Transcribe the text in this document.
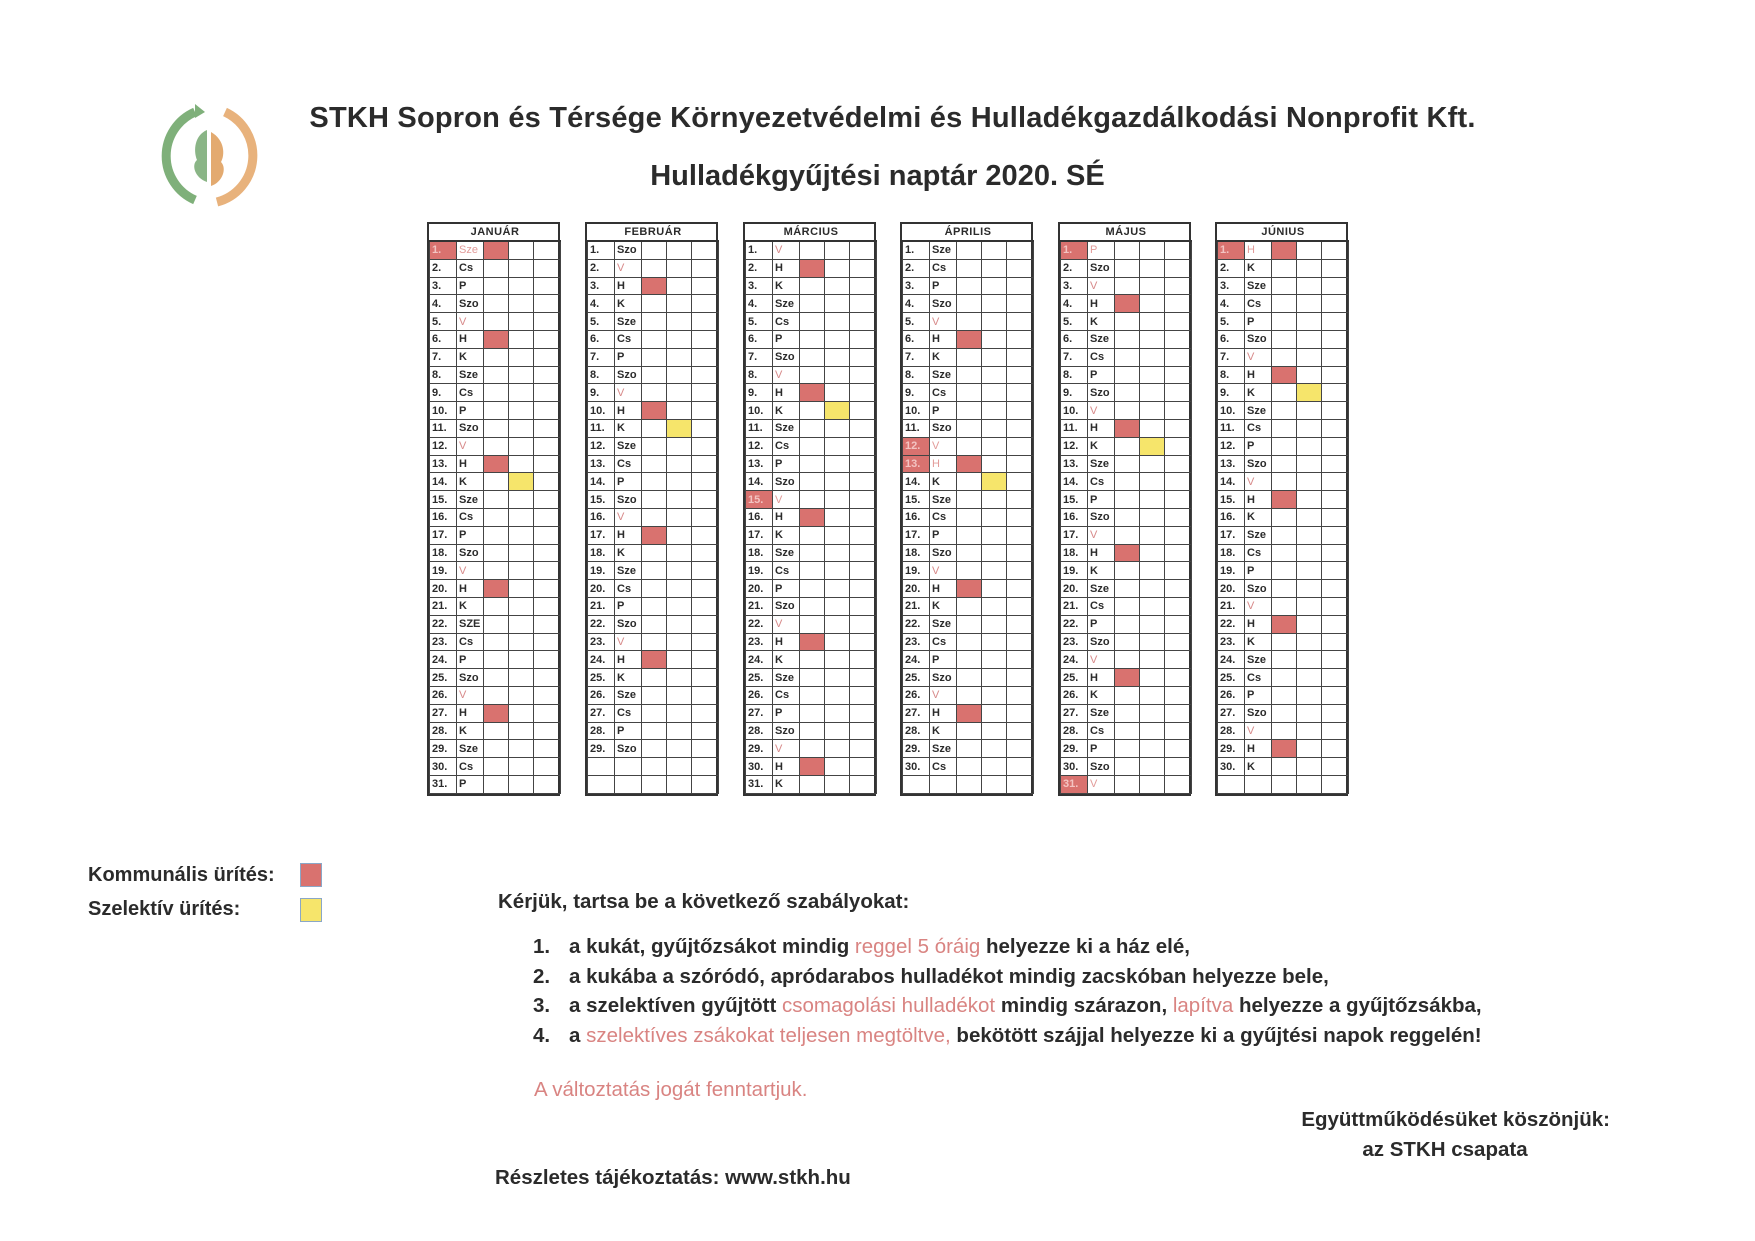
STKH Sopron és Térsége Környezetvédelmi és Hulladékgazdálkodási Nonprofit Kft.
Hulladékgyűjtési naptár 2020. SÉ
JANUÁR				
1.	Sze			
2.	Cs			
3.	P			
4.	Szo			
5.	V			
6.	H			
7.	K			
8.	Sze			
9.	Cs			
10.	P			
11.	Szo			
12.	V			
13.	H			
14.	K			
15.	Sze			
16.	Cs			
17.	P			
18.	Szo			
19.	V			
20.	H			
21.	K			
22.	SZE			
23.	Cs			
24.	P			
25.	Szo			
26.	V			
27.	H			
28.	K			
29.	Sze			
30.	Cs			
31.	P			
FEBRUÁR				
1.	Szo			
2.	V			
3.	H			
4.	K			
5.	Sze			
6.	Cs			
7.	P			
8.	Szo			
9.	V			
10.	H			
11.	K			
12.	Sze			
13.	Cs			
14.	P			
15.	Szo			
16.	V			
17.	H			
18.	K			
19.	Sze			
20.	Cs			
21.	P			
22.	Szo			
23.	V			
24.	H			
25.	K			
26.	Sze			
27.	Cs			
28.	P			
29.	Szo			

MÁRCIUS				
1.	V			
2.	H			
3.	K			
4.	Sze			
5.	Cs			
6.	P			
7.	Szo			
8.	V			
9.	H			
10.	K			
11.	Sze			
12.	Cs			
13.	P			
14.	Szo			
15.	V			
16.	H			
17.	K			
18.	Sze			
19.	Cs			
20.	P			
21.	Szo			
22.	V			
23.	H			
24.	K			
25.	Sze			
26.	Cs			
27.	P			
28.	Szo			
29.	V			
30.	H			
31.	K			
ÁPRILIS				
1.	Sze			
2.	Cs			
3.	P			
4.	Szo			
5.	V			
6.	H			
7.	K			
8.	Sze			
9.	Cs			
10.	P			
11.	Szo			
12.	V			
13.	H			
14.	K			
15.	Sze			
16.	Cs			
17.	P			
18.	Szo			
19.	V			
20.	H			
21.	K			
22.	Sze			
23.	Cs			
24.	P			
25.	Szo			
26.	V			
27.	H			
28.	K			
29.	Sze			
30.	Cs			

MÁJUS				
1.	P			
2.	Szo			
3.	V			
4.	H			
5.	K			
6.	Sze			
7.	Cs			
8.	P			
9.	Szo			
10.	V			
11.	H			
12.	K			
13.	Sze			
14.	Cs			
15.	P			
16.	Szo			
17.	V			
18.	H			
19.	K			
20.	Sze			
21.	Cs			
22.	P			
23.	Szo			
24.	V			
25.	H			
26.	K			
27.	Sze			
28.	Cs			
29.	P			
30.	Szo			
31.	V			
JÚNIUS				
1.	H			
2.	K			
3.	Sze			
4.	Cs			
5.	P			
6.	Szo			
7.	V			
8.	H			
9.	K			
10.	Sze			
11.	Cs			
12.	P			
13.	Szo			
14.	V			
15.	H			
16.	K			
17.	Sze			
18.	Cs			
19.	P			
20.	Szo			
21.	V			
22.	H			
23.	K			
24.	Sze			
25.	Cs			
26.	P			
27.	Szo			
28.	V			
29.	H			
30.	K			

Kommunális ürítés:
Szelektív ürítés:	Kérjük, tartsa be a következő szabályokat:
1. a kukát, gyűjtőzsákot mindig reggel 5 óráig helyezze ki a ház elé,
2. a kukába a szóródó, apródarabos hulladékot mindig zacskóban helyezze bele,
3. a szelektíven gyűjtött csomagolási hulladékot mindig szárazon, lapítva helyezze a gyűjtőzsákba,
4. a szelektíves zsákokat teljesen megtöltve, bekötött szájjal helyezze ki a gyűjtési napok reggelén!
A változtatás jogát fenntartjuk.
Együttműködésüket köszönjük:
az STKH csapata
Részletes tájékoztatás: www.stkh.hu
